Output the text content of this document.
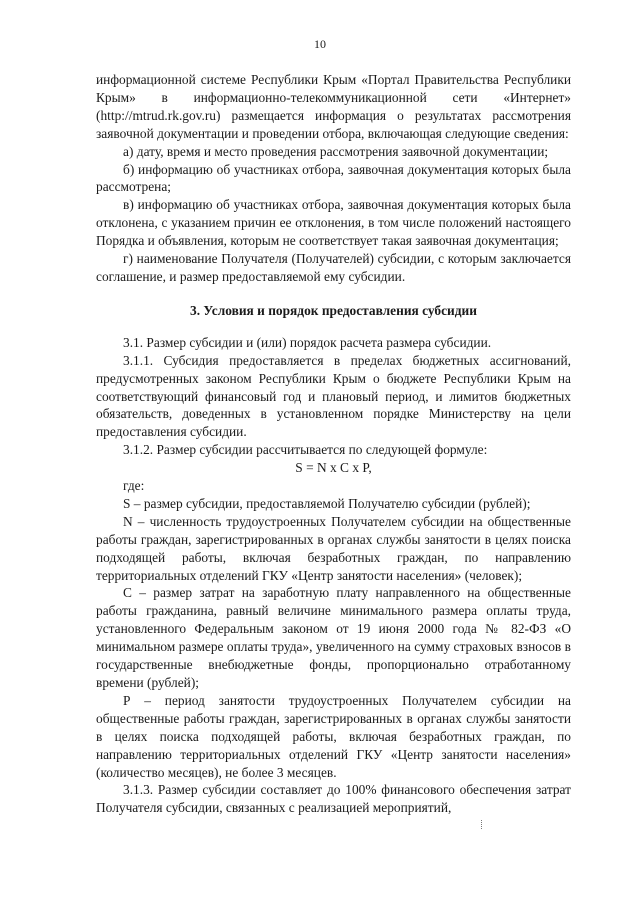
10

информационной системе Республики Крым «Портал Правительства Республики Крым» в информационно-телекоммуникационной сети «Интернет» (http://mtrud.rk.gov.ru) размещается информация о результатах рассмотрения заявочной документации и проведении отбора, включающая следующие сведения:

а) дату, время и место проведения рассмотрения заявочной документации;

б) информацию об участниках отбора, заявочная документация которых была рассмотрена;

в) информацию об участниках отбора, заявочная документация которых была отклонена, с указанием причин ее отклонения, в том числе положений настоящего Порядка и объявления, которым не соответствует такая заявочная документация;

г) наименование Получателя (Получателей) субсидии, с которым заключается соглашение, и размер предоставляемой ему субсидии.

3. Условия и порядок предоставления субсидии

3.1. Размер субсидии и (или) порядок расчета размера субсидии.

3.1.1. Субсидия предоставляется в пределах бюджетных ассигнований, предусмотренных законом Республики Крым о бюджете Республики Крым на соответствующий финансовый год и плановый период, и лимитов бюджетных обязательств, доведенных в установленном порядке Министерству на цели предоставления субсидии.

3.1.2. Размер субсидии рассчитывается по следующей формуле:

S = N x C x P,

где:

S – размер субсидии, предоставляемой Получателю субсидии (рублей);

N – численность трудоустроенных Получателем субсидии на общественные работы граждан, зарегистрированных в органах службы занятости в целях поиска подходящей работы, включая безработных граждан, по направлению территориальных отделений ГКУ «Центр занятости населения» (человек);

С – размер затрат на заработную плату направленного на общественные работы гражданина, равный величине минимального размера оплаты труда, установленного Федеральным законом от 19 июня 2000 года № 82-ФЗ «О минимальном размере оплаты труда», увеличенного на сумму страховых взносов в государственные внебюджетные фонды, пропорционально отработанному времени (рублей);

Р – период занятости трудоустроенных Получателем субсидии на общественные работы граждан, зарегистрированных в органах службы занятости в целях поиска подходящей работы, включая безработных граждан, по направлению территориальных отделений ГКУ «Центр занятости населения» (количество месяцев), не более 3 месяцев.

3.1.3. Размер субсидии составляет до 100% финансового обеспечения затрат Получателя субсидии, связанных с реализацией мероприятий,
